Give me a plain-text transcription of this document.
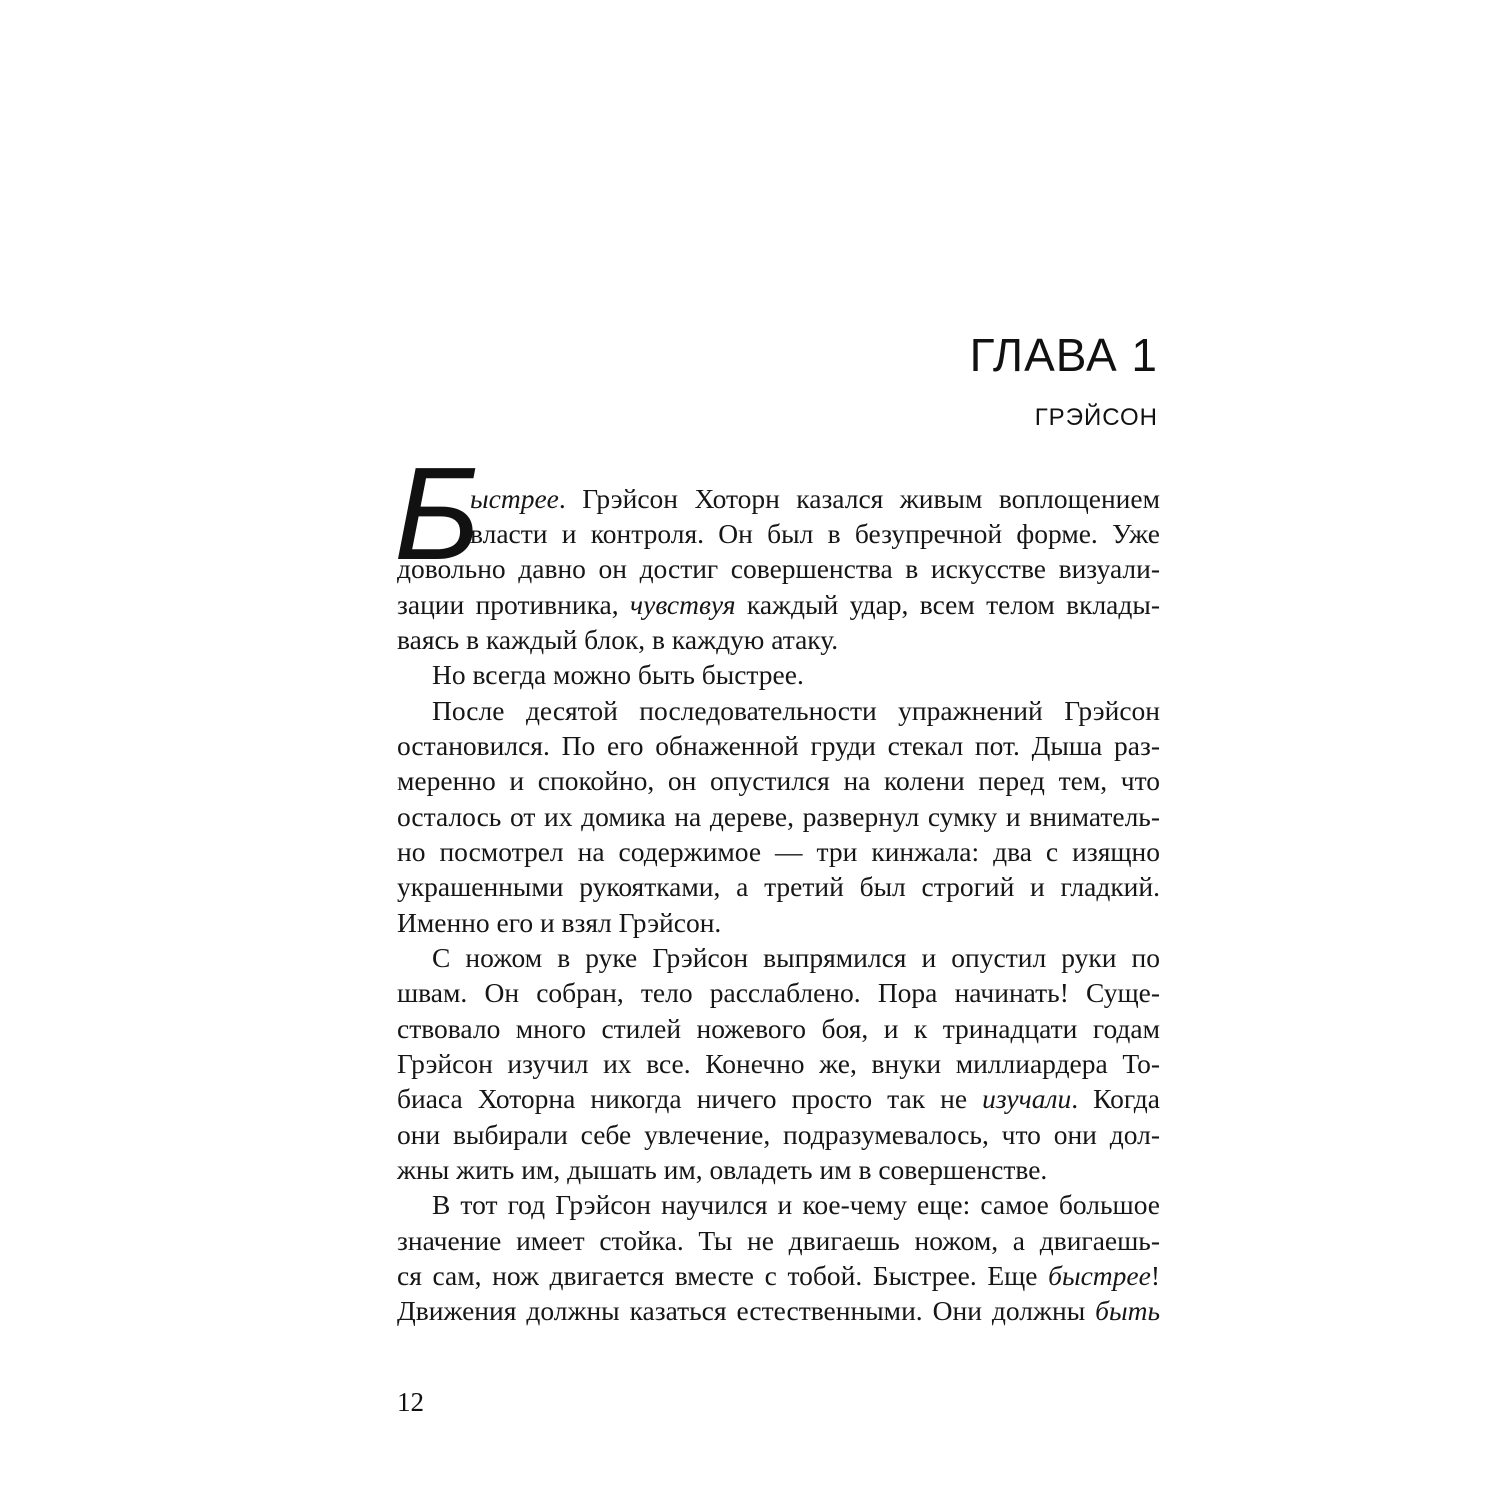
ГЛАВА 1
ГРЭЙСОН
Б
ыстрее. Грэйсон Хоторн казался живым воплощением
власти и контроля. Он был в безупречной форме. Уже
довольно давно он достиг совершенства в искусстве визуали-
зации противника, чувствуя каждый удар, всем телом вклады-
ваясь в каждый блок, в каждую атаку.
Но всегда можно быть быстрее.
После десятой последовательности упражнений Грэйсон
остановился. По его обнаженной груди стекал пот. Дыша раз-
меренно и спокойно, он опустился на колени перед тем, что
осталось от их домика на дереве, развернул сумку и вниматель-
но посмотрел на содержимое — три кинжала: два с изящно
украшенными рукоятками, а третий был строгий и гладкий.
Именно его и взял Грэйсон.
С ножом в руке Грэйсон выпрямился и опустил руки по
швам. Он собран, тело расслаблено. Пора начинать! Суще-
ствовало много стилей ножевого боя, и к тринадцати годам
Грэйсон изучил их все. Конечно же, внуки миллиардера То-
биаса Хоторна никогда ничего просто так не изучали. Когда
они выбирали себе увлечение, подразумевалось, что они дол-
жны жить им, дышать им, овладеть им в совершенстве.
В тот год Грэйсон научился и кое-чему еще: самое большое
значение имеет стойка. Ты не двигаешь ножом, а двигаешь-
ся сам, нож двигается вместе с тобой. Быстрее. Еще быстрее!
Движения должны казаться естественными. Они должны быть
12
